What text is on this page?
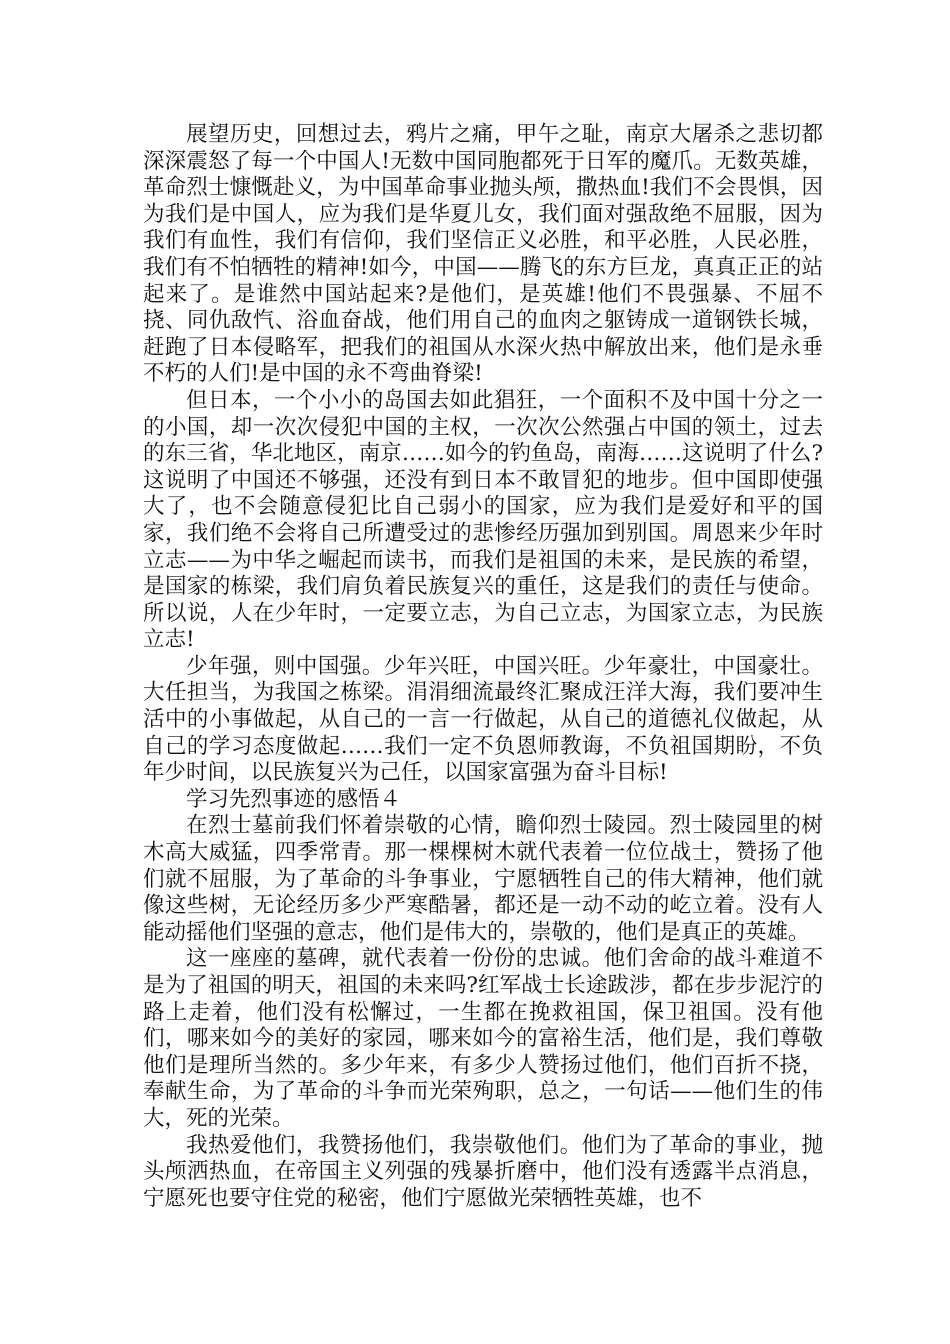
展望历史，回想过去，鸦片之痛，甲午之耻，南京大屠杀之悲切都深深震怒了每一个中国人!无数中国同胞都死于日军的魔爪。无数英雄，革命烈士慷慨赴义，为中国革命事业抛头颅，撒热血!我们不会畏惧，因为我们是中国人，应为我们是华夏儿女，我们面对强敌绝不屈服，因为我们有血性，我们有信仰，我们坚信正义必胜，和平必胜，人民必胜，我们有不怕牺牲的精神!如今，中国——腾飞的东方巨龙，真真正正的站起来了。是谁然中国站起来?是他们，是英雄!他们不畏强暴、不屈不挠、同仇敌忾、浴血奋战，他们用自己的血肉之躯铸成一道钢铁长城，赶跑了日本侵略军，把我们的祖国从水深火热中解放出来，他们是永垂不朽的人们!是中国的永不弯曲脊梁!

但日本，一个小小的岛国去如此猖狂，一个面积不及中国十分之一的小国，却一次次侵犯中国的主权，一次次公然强占中国的领土，过去的东三省，华北地区，南京……如今的钓鱼岛，南海……这说明了什么?这说明了中国还不够强，还没有到日本不敢冒犯的地步。但中国即使强大了，也不会随意侵犯比自己弱小的国家，应为我们是爱好和平的国家，我们绝不会将自己所遭受过的悲惨经历强加到别国。周恩来少年时立志——为中华之崛起而读书，而我们是祖国的未来，是民族的希望，是国家的栋梁，我们肩负着民族复兴的重任，这是我们的责任与使命。所以说，人在少年时，一定要立志，为自己立志，为国家立志，为民族立志!

少年强，则中国强。少年兴旺，中国兴旺。少年豪壮，中国豪壮。大任担当，为我国之栋梁。涓涓细流最终汇聚成汪洋大海，我们要冲生活中的小事做起，从自己的一言一行做起，从自己的道德礼仪做起，从自己的学习态度做起……我们一定不负恩师教诲，不负祖国期盼，不负年少时间，以民族复兴为己任，以国家富强为奋斗目标!

学习先烈事迹的感悟４

在烈士墓前我们怀着崇敬的心情，瞻仰烈士陵园。烈士陵园里的树木高大威猛，四季常青。那一棵棵树木就代表着一位位战士，赞扬了他们就不屈服，为了革命的斗争事业，宁愿牺牲自己的伟大精神，他们就像这些树，无论经历多少严寒酷暑，都还是一动不动的屹立着。没有人能动摇他们坚强的意志，他们是伟大的，崇敬的，他们是真正的英雄。

这一座座的墓碑，就代表着一份份的忠诚。他们舍命的战斗难道不是为了祖国的明天，祖国的未来吗?红军战士长途跋涉，都在步步泥泞的路上走着，他们没有松懈过，一生都在挽救祖国，保卫祖国。没有他们，哪来如今的美好的家园，哪来如今的富裕生活，他们是，我们尊敬他们是理所当然的。多少年来，有多少人赞扬过他们，他们百折不挠，奉献生命，为了革命的斗争而光荣殉职，总之，一句话——他们生的伟大，死的光荣。

我热爱他们，我赞扬他们，我崇敬他们。他们为了革命的事业，抛头颅洒热血，在帝国主义列强的残暴折磨中，他们没有透露半点消息，宁愿死也要守住党的秘密，他们宁愿做光荣牺牲英雄，也不
